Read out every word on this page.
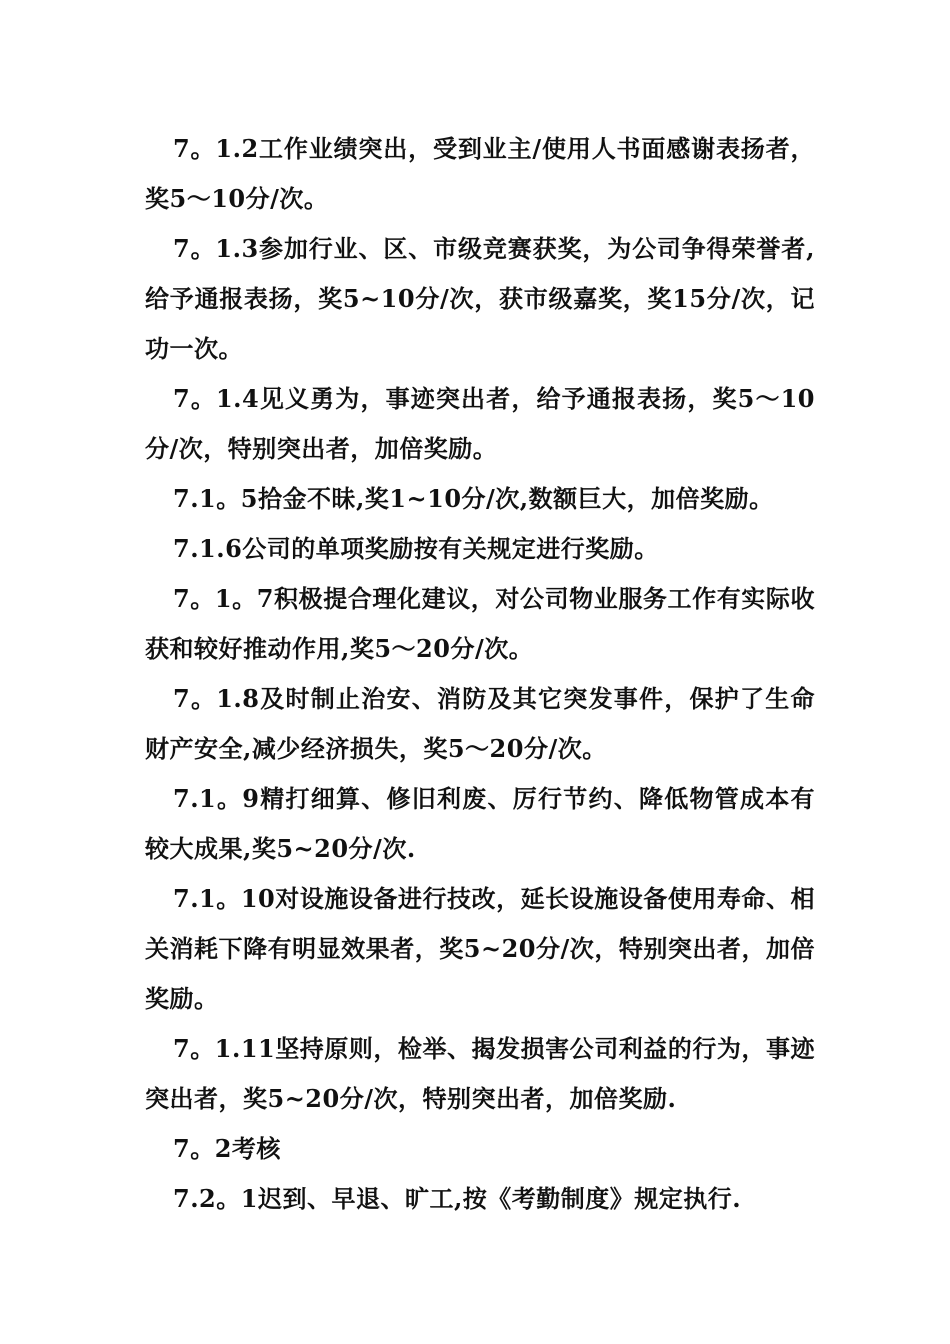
7。1.2工作业绩突出，受到业主/使用人书面感谢表扬者，奖5～10分/次。

7。1.3参加行业、区、市级竞赛获奖，为公司争得荣誉者,给予通报表扬，奖5~10分/次，获市级嘉奖，奖15分/次，记功一次。

7。1.4见义勇为，事迹突出者，给予通报表扬，奖5～10分/次，特别突出者，加倍奖励。

7.1。5拾金不昧,奖1~10分/次,数额巨大，加倍奖励。

7.1.6公司的单项奖励按有关规定进行奖励。

7。1。7积极提合理化建议，对公司物业服务工作有实际收获和较好推动作用,奖5～20分/次。

7。1.8及时制止治安、消防及其它突发事件，保护了生命财产安全,减少经济损失，奖5～20分/次。

7.1。9精打细算、修旧利废、厉行节约、降低物管成本有较大成果,奖5~20分/次.

7.1。10对设施设备进行技改，延长设施设备使用寿命、相关消耗下降有明显效果者，奖5~20分/次，特别突出者，加倍奖励。

7。1.11坚持原则，检举、揭发损害公司利益的行为，事迹突出者，奖5~20分/次，特别突出者，加倍奖励.

7。2考核

7.2。1迟到、早退、旷工,按《考勤制度》规定执行.
